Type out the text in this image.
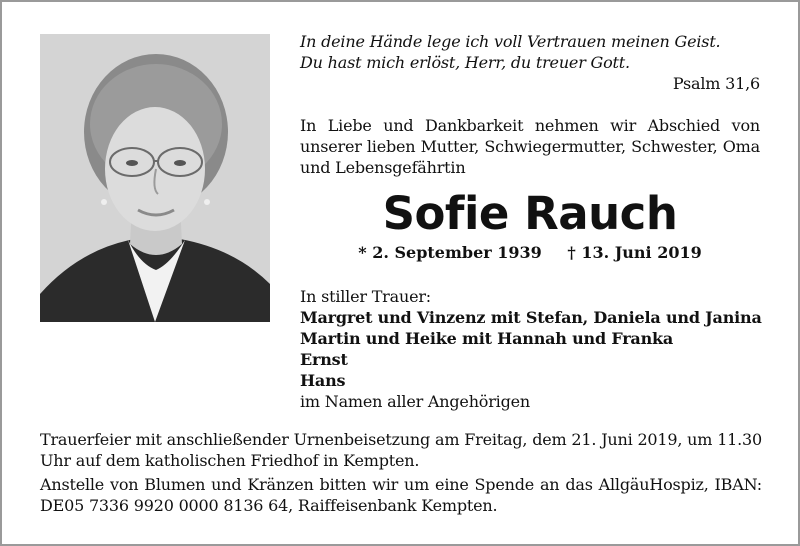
In deine Hände lege ich voll Vertrauen meinen Geist.
Du hast mich erlöst, Herr, du treuer Gott.
Psalm 31,6
In Liebe und Dankbarkeit nehmen wir Abschied von unserer lieben Mutter, Schwiegermutter, Schwester, Oma und Lebensgefährtin
Sofie Rauch
* 2. September 1939 † 13. Juni 2019
In stiller Trauer:
Margret und Vinzenz mit Stefan, Daniela und Janina
Martin und Heike mit Hannah und Franka
Ernst
Hans
im Namen aller Angehörigen

Trauerfeier mit anschließender Urnenbeisetzung am Freitag, dem 21. Juni 2019, um 11.30 Uhr auf dem katholischen Friedhof in Kempten.

Anstelle von Blumen und Kränzen bitten wir um eine Spende an das AllgäuHospiz, IBAN: DE05 7336 9920 0000 8136 64, Raiffeisenbank Kempten.
